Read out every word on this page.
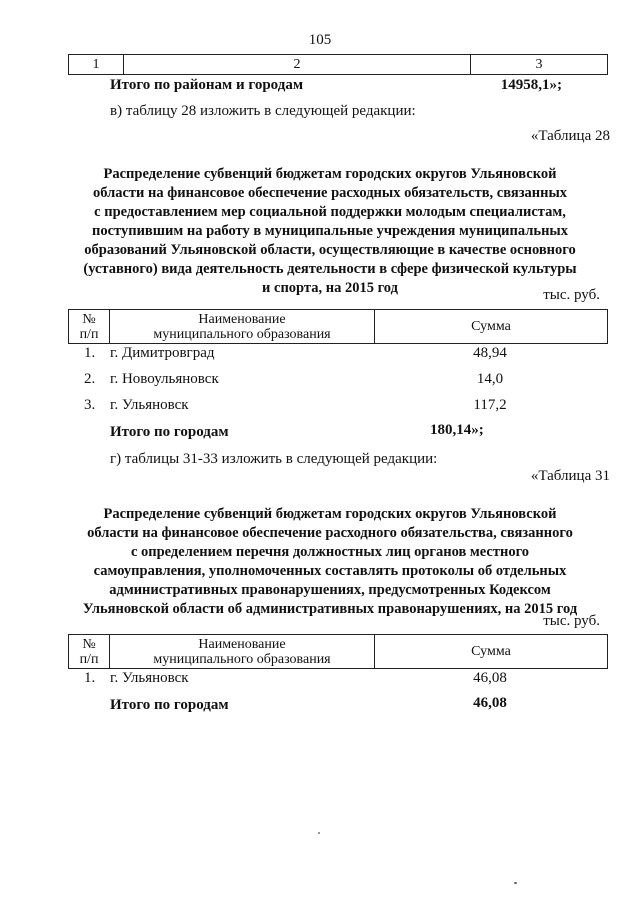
105
1	2	3
Итого по районам и городам	14958,1»;
в) таблицу 28 изложить в следующей редакции:
«Таблица 28
Распределение субвенций бюджетам городских округов Ульяновской
области на финансовое обеспечение расходных обязательств, связанных
с предоставлением мер социальной поддержки молодым специалистам,
поступившим на работу в муниципальные учреждения муниципальных
образований Ульяновской области, осуществляющие в качестве основного
(уставного) вида деятельность деятельности в сфере физической культуры
и спорта, на 2015 год	тыс. руб.
№
п/п

Наименование
муниципального образования	Сумма
1. г. Димитровград	48,94
2. г. Новоульяновск	14,0
3. г. Ульяновск	117,2
Итого по городам	180,14»;
г) таблицы 31-33 изложить в следующей редакции:
«Таблица 31
Распределение субвенций бюджетам городских округов Ульяновской
области на финансовое обеспечение расходного обязательства, связанного
с определением перечня должностных лиц органов местного
самоуправления, уполномоченных составлять протоколы об отдельных
административных правонарушениях, предусмотренных Кодексом
Ульяновской области об административных правонарушениях, на 2015 год
тыс. руб.
№
п/п

Наименование
муниципального образования	Сумма
1. г. Ульяновск	46,08
Итого по городам	46,08
